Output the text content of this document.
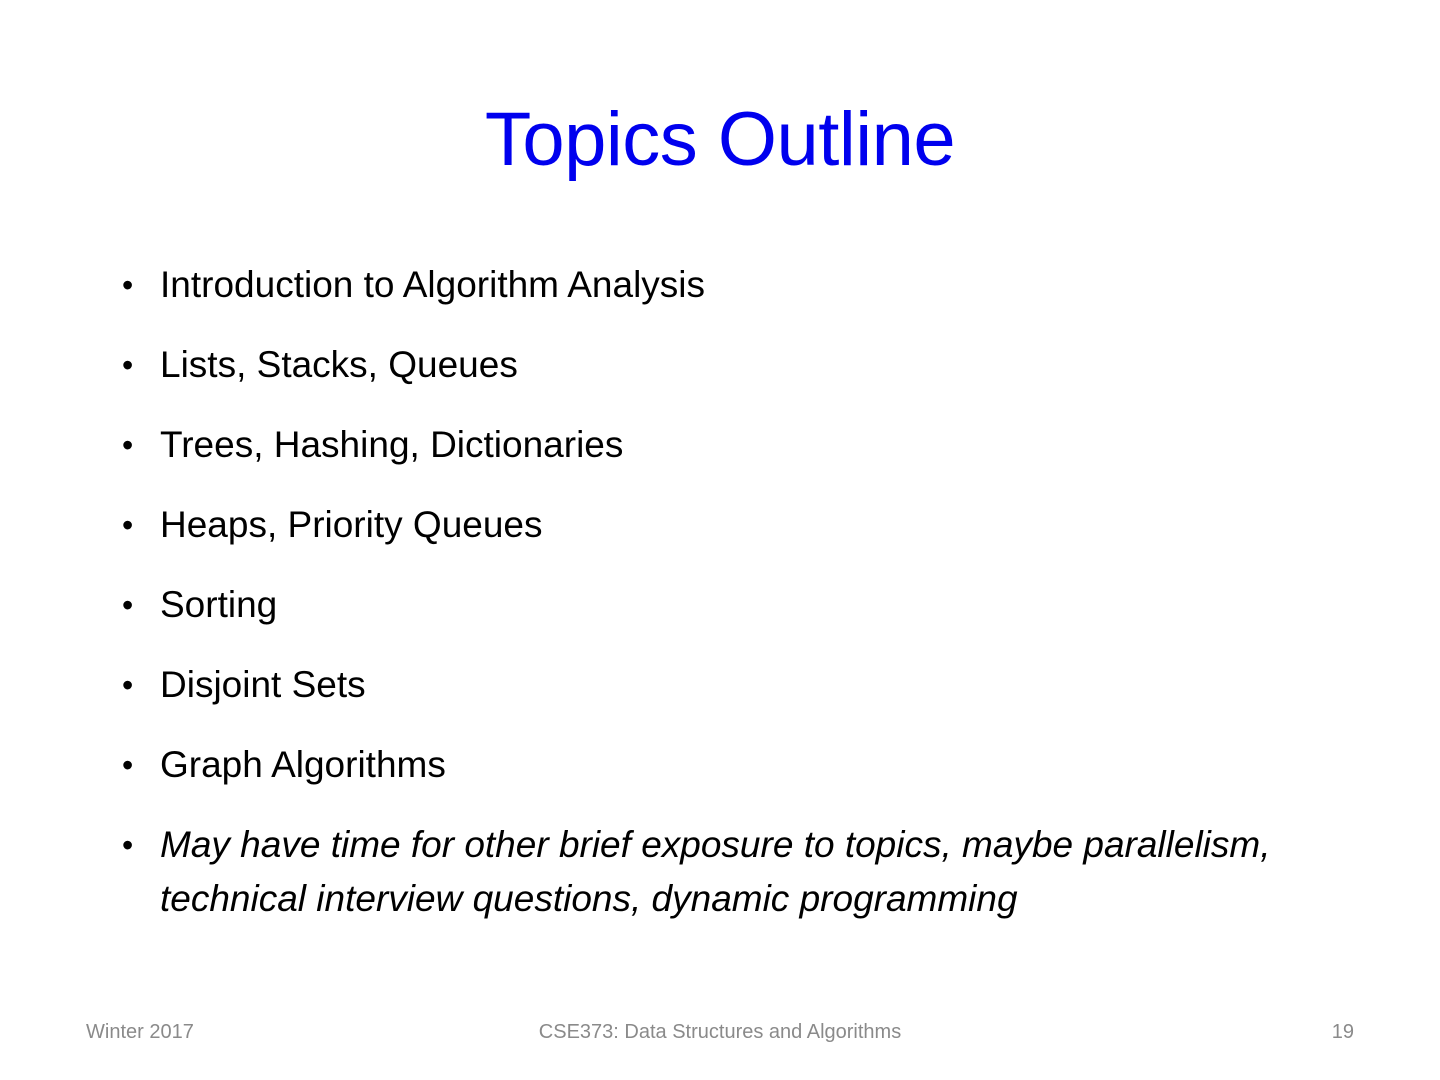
Topics Outline
• Introduction to Algorithm Analysis
• Lists, Stacks, Queues
• Trees, Hashing, Dictionaries
• Heaps, Priority Queues
• Sorting
• Disjoint Sets
• Graph Algorithms
• May have time for other brief exposure to topics, maybe parallelism, technical interview questions, dynamic programming
Winter 2017	CSE373: Data Structures and Algorithms	19
